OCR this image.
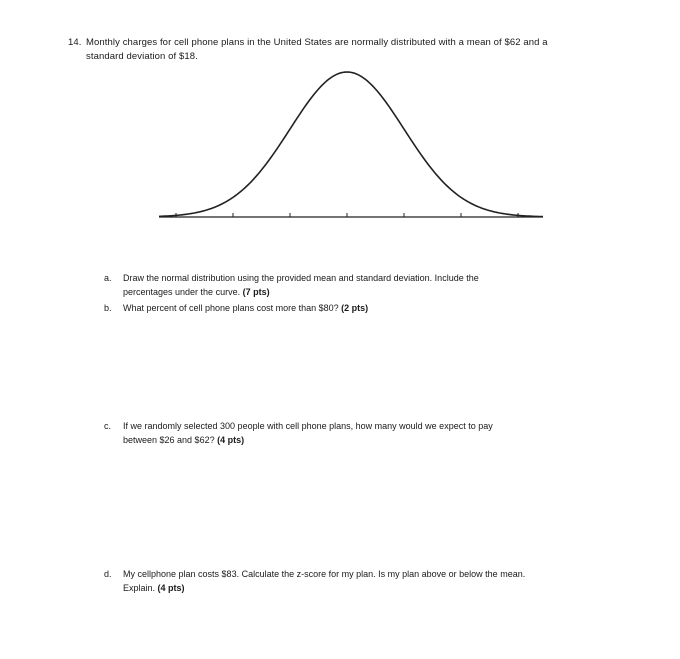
14. Monthly charges for cell phone plans in the United States are normally distributed with a mean of $62 and a
standard deviation of $18.
a.	Draw the normal distribution using the provided mean and standard deviation. Include the
percentages under the curve. (7 pts)
b.	What percent of cell phone plans cost more than $80? (2 pts)
c.	If we randomly selected 300 people with cell phone plans, how many would we expect to pay
between $26 and $62? (4 pts)
d.	My cellphone plan costs $83. Calculate the z-score for my plan. Is my plan above or below the mean.
Explain. (4 pts)
